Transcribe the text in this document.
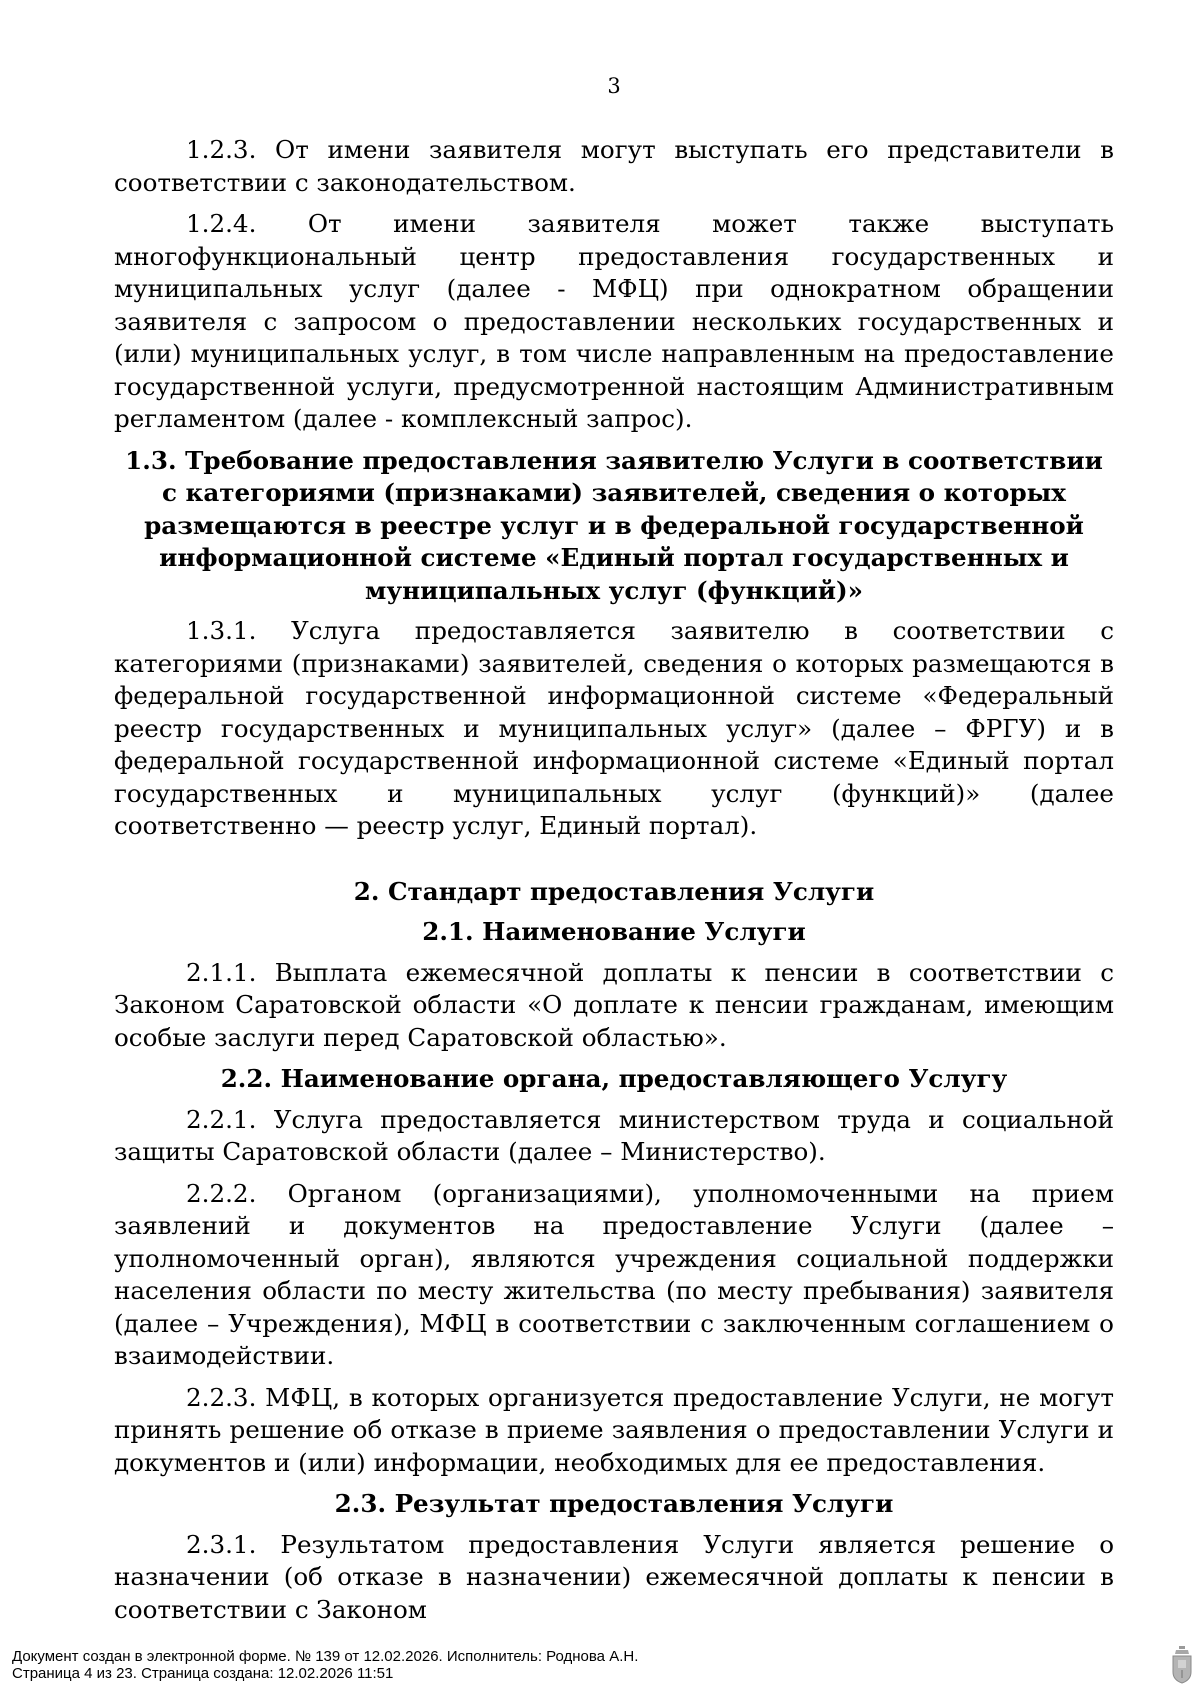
3

1.2.3. От имени заявителя могут выступать его представители в соответствии с законодательством.

1.2.4. От имени заявителя может также выступать многофункциональный центр предоставления государственных и муниципальных услуг (далее - МФЦ) при однократном обращении заявителя с запросом о предоставлении нескольких государственных и (или) муниципальных услуг, в том числе направленным на предоставление государственной услуги, предусмотренной настоящим Административным регламентом (далее - комплексный запрос).

1.3. Требование предоставления заявителю Услуги в соответствии с категориями (признаками) заявителей, сведения о которых размещаются в реестре услуг и в федеральной государственной информационной системе «Единый портал государственных и муниципальных услуг (функций)»

1.3.1. Услуга предоставляется заявителю в соответствии с категориями (признаками) заявителей, сведения о которых размещаются в федеральной государственной информационной системе «Федеральный реестр государственных и муниципальных услуг» (далее – ФРГУ) и в федеральной государственной информационной системе «Единый портал государственных и муниципальных услуг (функций)» (далее соответственно — реестр услуг, Единый портал).

2. Стандарт предоставления Услуги
2.1. Наименование Услуги

2.1.1. Выплата ежемесячной доплаты к пенсии в соответствии с Законом Саратовской области «О доплате к пенсии гражданам, имеющим особые заслуги перед Саратовской областью».

2.2. Наименование органа, предоставляющего Услугу

2.2.1. Услуга предоставляется министерством труда и социальной защиты Саратовской области (далее – Министерство).

2.2.2. Органом (организациями), уполномоченными на прием заявлений и документов на предоставление Услуги (далее – уполномоченный орган), являются учреждения социальной поддержки населения области по месту жительства (по месту пребывания) заявителя (далее – Учреждения), МФЦ в соответствии с заключенным соглашением о взаимодействии.

2.2.3. МФЦ, в которых организуется предоставление Услуги, не могут принять решение об отказе в приеме заявления о предоставлении Услуги и документов и (или) информации, необходимых для ее предоставления.

2.3. Результат предоставления Услуги

2.3.1. Результатом предоставления Услуги является решение о назначении (об отказе в назначении) ежемесячной доплаты к пенсии в соответствии с Законом

Документ создан в электронной форме. № 139 от 12.02.2026. Исполнитель: Роднова А.Н.
Страница 4 из 23. Страница создана: 12.02.2026 11:51
